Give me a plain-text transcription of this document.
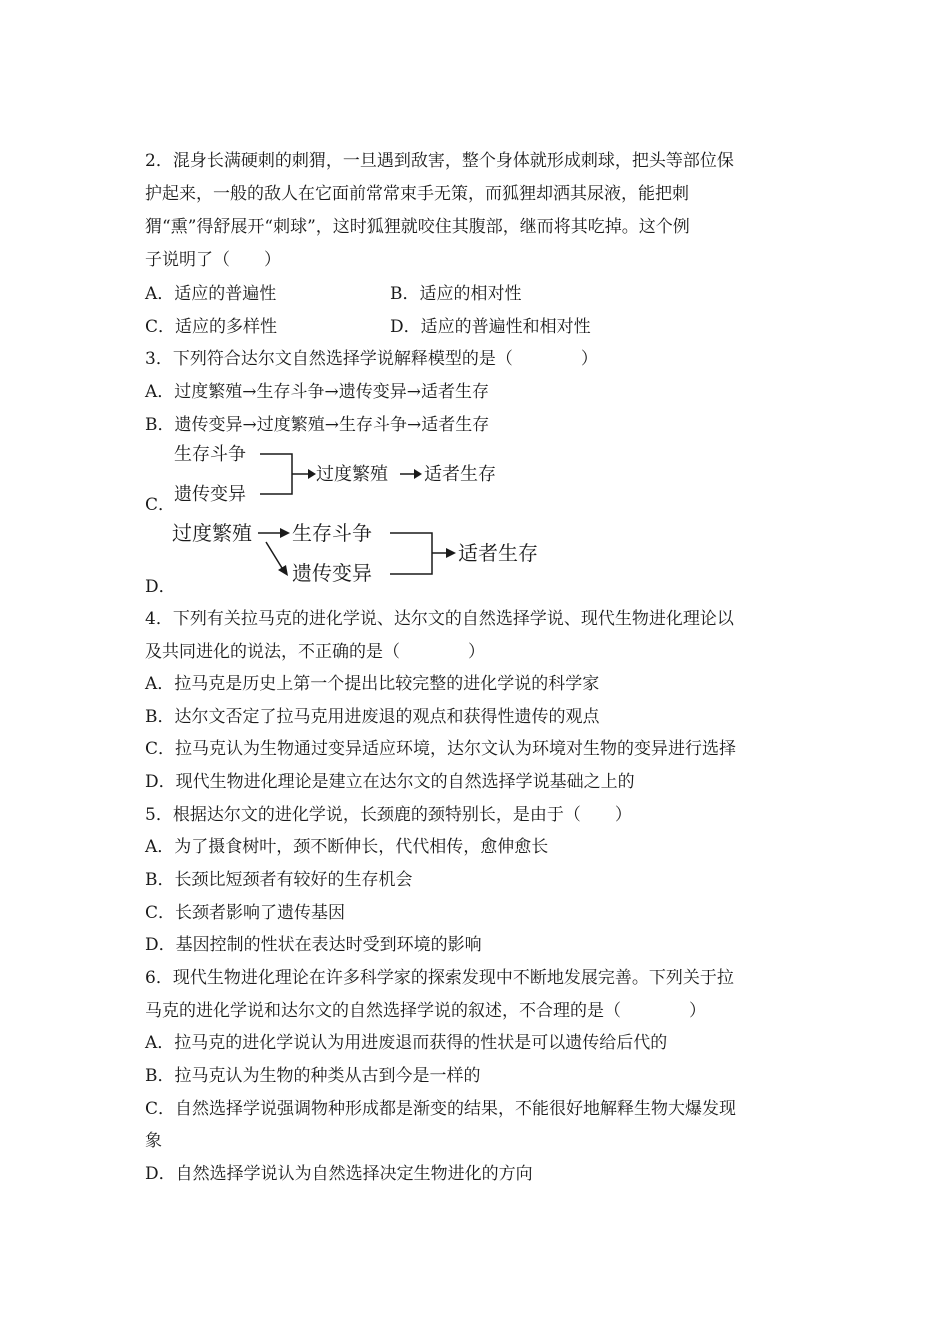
2．混身长满硬刺的刺猬，一旦遇到敌害，整个身体就形成刺球，把头等部位保
护起来，一般的敌人在它面前常常束手无策，而狐狸却洒其尿液，能把刺
猬“熏”得舒展开“刺球”，这时狐狸就咬住其腹部，继而将其吃掉。这个例
子说明了（　　）
A．适应的普遍性	B．适应的相对性
C．适应的多样性	D．适应的普遍性和相对性
3．下列符合达尔文自然选择学说解释模型的是（　　　　）
A．过度繁殖→生存斗争→遗传变异→适者生存
B．遗传变异→过度繁殖→生存斗争→适者生存
生存斗争
遗传变异
过度繁殖 适者生存
C．
过度繁殖 生存斗争
遗传变异
适者生存
D．
4．下列有关拉马克的进化学说、达尔文的自然选择学说、现代生物进化理论以
及共同进化的说法，不正确的是（　　　　）
A．拉马克是历史上第一个提出比较完整的进化学说的科学家
B．达尔文否定了拉马克用进废退的观点和获得性遗传的观点
C．拉马克认为生物通过变异适应环境，达尔文认为环境对生物的变异进行选择
D．现代生物进化理论是建立在达尔文的自然选择学说基础之上的
5．根据达尔文的进化学说，长颈鹿的颈特别长，是由于（　　）
A．为了摄食树叶，颈不断伸长，代代相传，愈伸愈长
B．长颈比短颈者有较好的生存机会
C．长颈者影响了遗传基因
D．基因控制的性状在表达时受到环境的影响
6．现代生物进化理论在许多科学家的探索发现中不断地发展完善。下列关于拉
马克的进化学说和达尔文的自然选择学说的叙述，不合理的是（　　　　）
A．拉马克的进化学说认为用进废退而获得的性状是可以遗传给后代的
B．拉马克认为生物的种类从古到今是一样的
C．自然选择学说强调物种形成都是渐变的结果，不能很好地解释生物大爆发现
象
D．自然选择学说认为自然选择决定生物进化的方向
